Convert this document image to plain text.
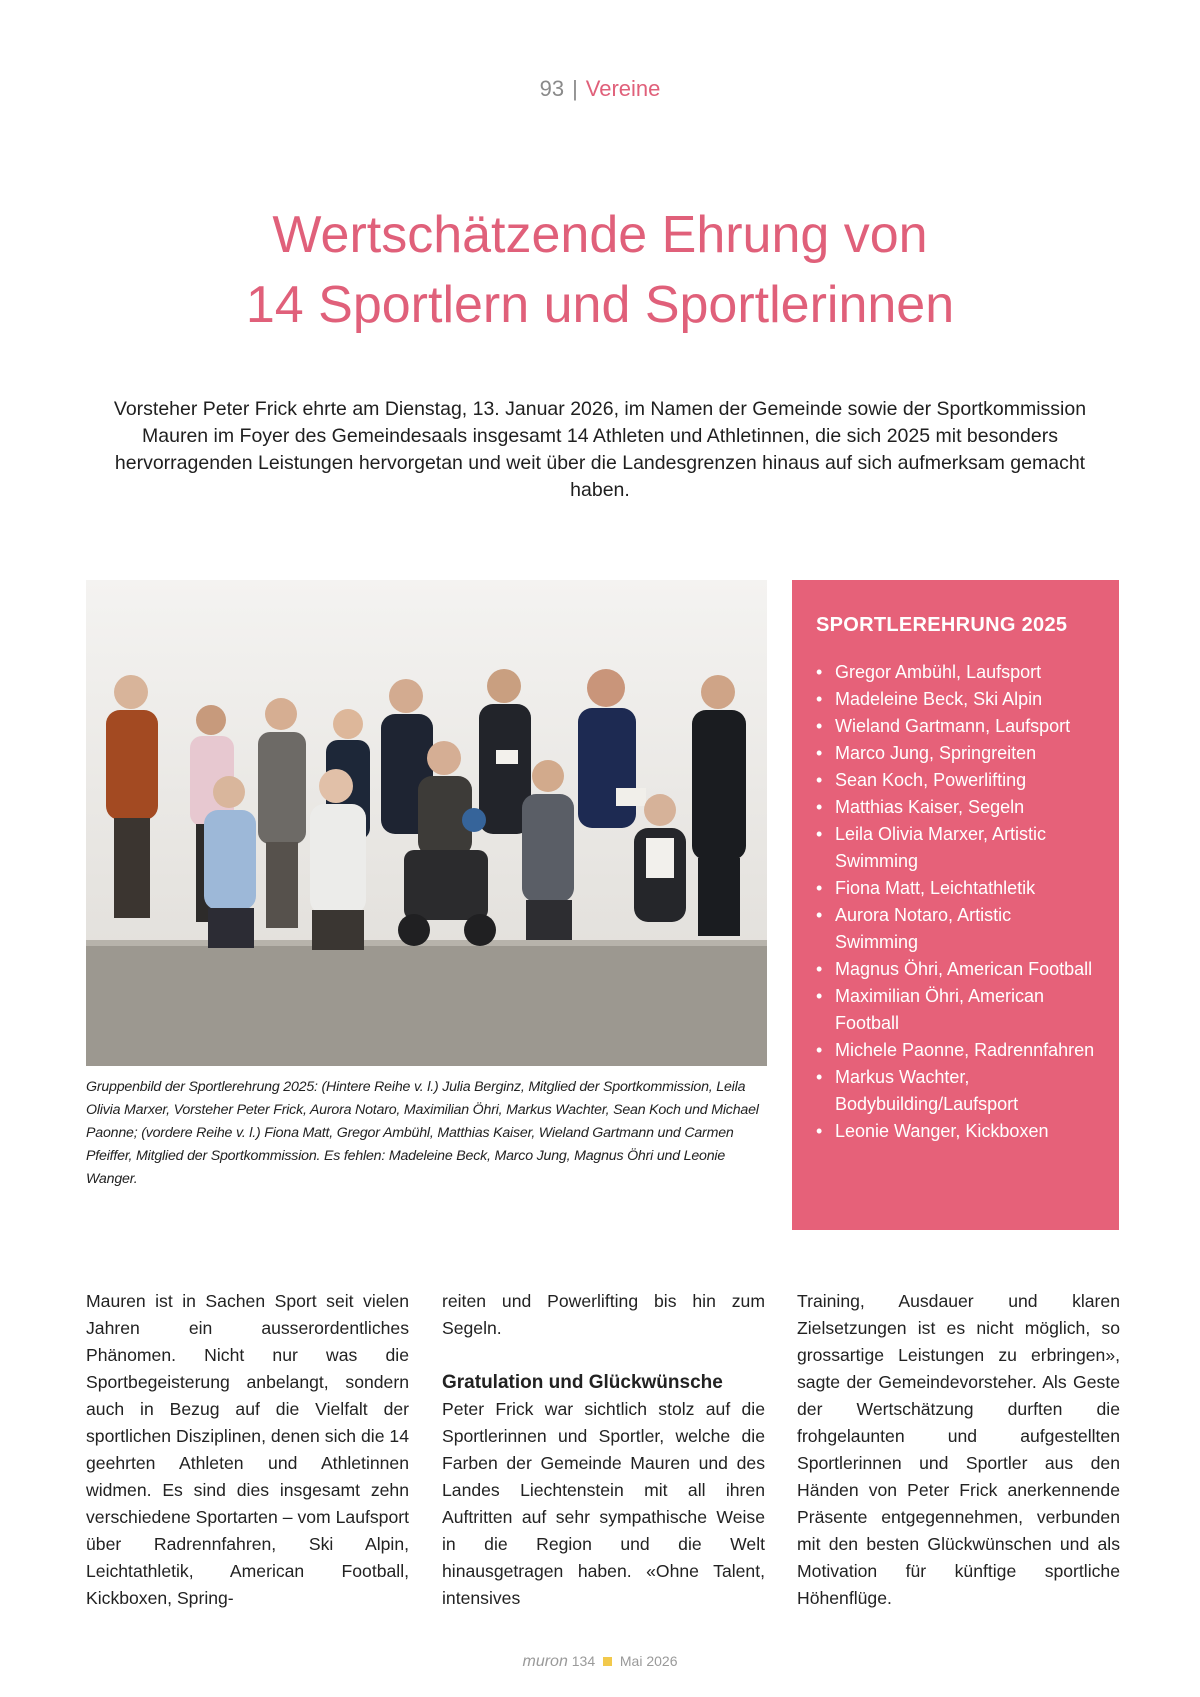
93 | Vereine
Wertschätzende Ehrung von
14 Sportlern und Sportlerinnen
Vorsteher Peter Frick ehrte am Dienstag, 13. Januar 2026, im Namen der Gemeinde sowie der Sportkommission Mauren im Foyer des Gemeindesaals insgesamt 14 Athleten und Athletinnen, die sich 2025 mit besonders hervorragenden Leistungen hervorgetan und weit über die Landesgrenzen hinaus auf sich aufmerksam gemacht haben.
Gruppenbild der Sportlerehrung 2025: (Hintere Reihe v. l.) Julia Berginz, Mitglied der Sportkommission, Leila Olivia Marxer, Vorsteher Peter Frick, Aurora Notaro, Maximilian Öhri, Markus Wachter, Sean Koch und Michael Paonne; (vordere Reihe v. l.) Fiona Matt, Gregor Ambühl, Matthias Kaiser, Wieland Gartmann und Carmen Pfeiffer, Mitglied der Sportkommission. Es fehlen: Madeleine Beck, Marco Jung, Magnus Öhri und Leonie Wanger.
SPORTLEREHRUNG 2025
• Gregor Ambühl, Laufsport
• Madeleine Beck, Ski Alpin
• Wieland Gartmann, Laufsport
• Marco Jung, Springreiten
• Sean Koch, Powerlifting
• Matthias Kaiser, Segeln
• Leila Olivia Marxer, Artistic Swimming
• Fiona Matt, Leichtathletik
• Aurora Notaro, Artistic Swimming
• Magnus Öhri, American Football
• Maximilian Öhri, American Football
• Michele Paonne, Radrennfahren
• Markus Wachter, Bodybuilding/Laufsport
• Leonie Wanger, Kickboxen

Mauren ist in Sachen Sport seit vielen Jahren ein ausserordentliches Phänomen. Nicht nur was die Sportbegeisterung anbelangt, sondern auch in Bezug auf die Vielfalt der sportlichen Disziplinen, denen sich die 14 geehrten Athleten und Athletinnen widmen. Es sind dies insgesamt zehn verschiedene Sportarten – vom Laufsport über Radrennfahren, Ski Alpin, Leichtathletik, American Football, Kickboxen, Spring-

reiten und Powerlifting bis hin zum Segeln.

Gratulation und Glückwünsche

Peter Frick war sichtlich stolz auf die Sportlerinnen und Sportler, welche die Farben der Gemeinde Mauren und des Landes Liechtenstein mit all ihren Auftritten auf sehr sympathische Weise in die Region und die Welt hinausgetragen haben. «Ohne Talent, intensives

Training, Ausdauer und klaren Zielsetzungen ist es nicht möglich, so grossartige Leistungen zu erbringen», sagte der Gemeindevorsteher. Als Geste der Wertschätzung durften die frohgelaunten und aufgestellten Sportlerinnen und Sportler aus den Händen von Peter Frick anerkennende Präsente entgegennehmen, verbunden mit den besten Glückwünschen und als Motivation für künftige sportliche Höhenflüge.

muron 134 Mai 2026
